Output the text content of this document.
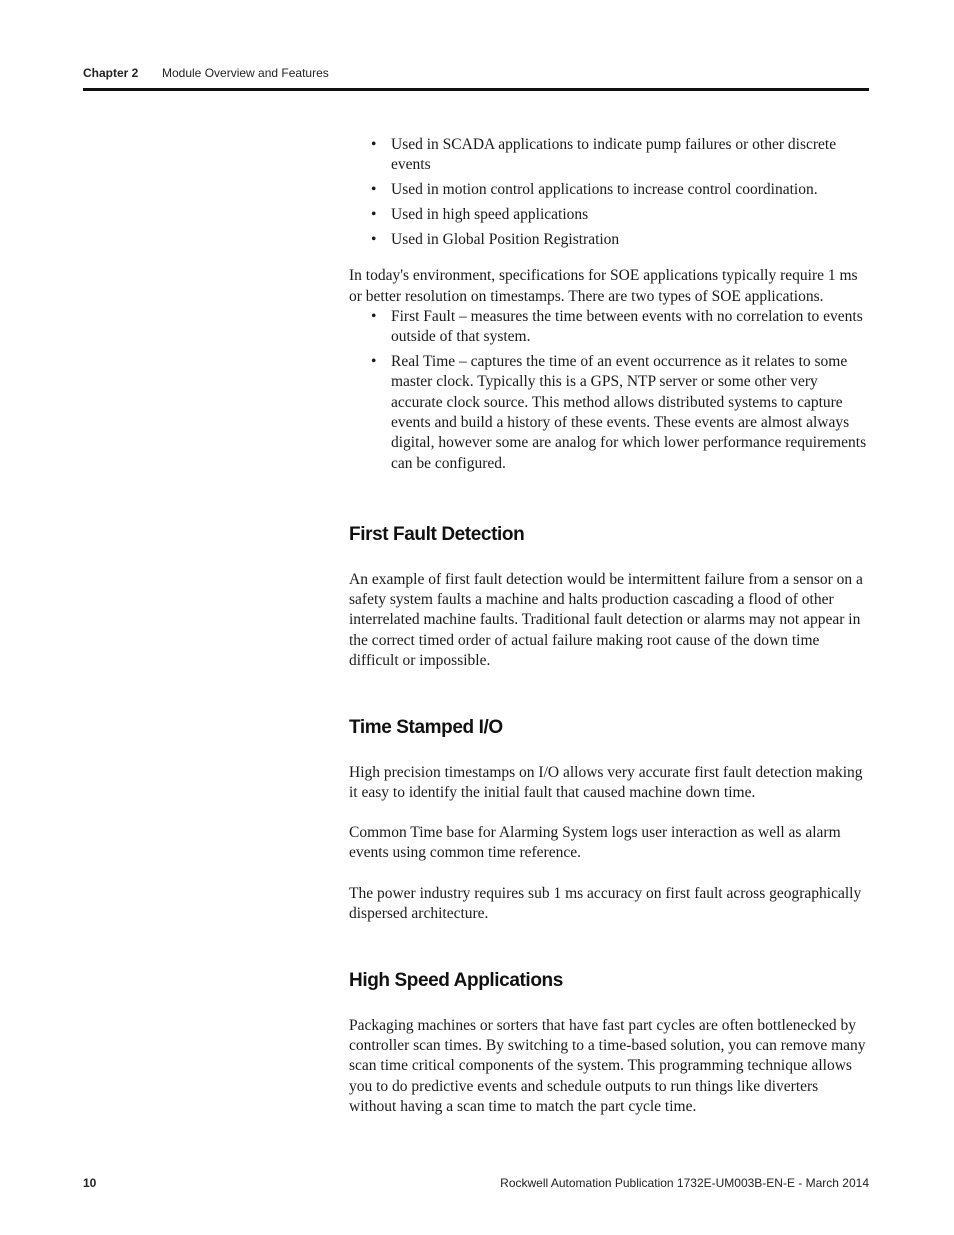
Chapter 2 Module Overview and Features
• Used in SCADA applications to indicate pump failures or other discrete events
• Used in motion control applications to increase control coordination.
• Used in high speed applications
• Used in Global Position Registration

In today's environment, specifications for SOE applications typically require 1 ms or better resolution on timestamps. There are two types of SOE applications.

• First Fault – measures the time between events with no correlation to events outside of that system.
• Real Time – captures the time of an event occurrence as it relates to some master clock. Typically this is a GPS, NTP server or some other very accurate clock source. This method allows distributed systems to capture events and build a history of these events. These events are almost always digital, however some are analog for which lower performance requirements can be configured.
First Fault Detection

An example of first fault detection would be intermittent failure from a sensor on a safety system faults a machine and halts production cascading a flood of other interrelated machine faults. Traditional fault detection or alarms may not appear in the correct timed order of actual failure making root cause of the down time difficult or impossible.

Time Stamped I/O

High precision timestamps on I/O allows very accurate first fault detection making it easy to identify the initial fault that caused machine down time.

Common Time base for Alarming System logs user interaction as well as alarm events using common time reference.

The power industry requires sub 1 ms accuracy on first fault across geographically dispersed architecture.

High Speed Applications

Packaging machines or sorters that have fast part cycles are often bottlenecked by controller scan times. By switching to a time-based solution, you can remove many scan time critical components of the system. This programming technique allows you to do predictive events and schedule outputs to run things like diverters without having a scan time to match the part cycle time.

10	Rockwell Automation Publication 1732E-UM003B-EN-E - March 2014
